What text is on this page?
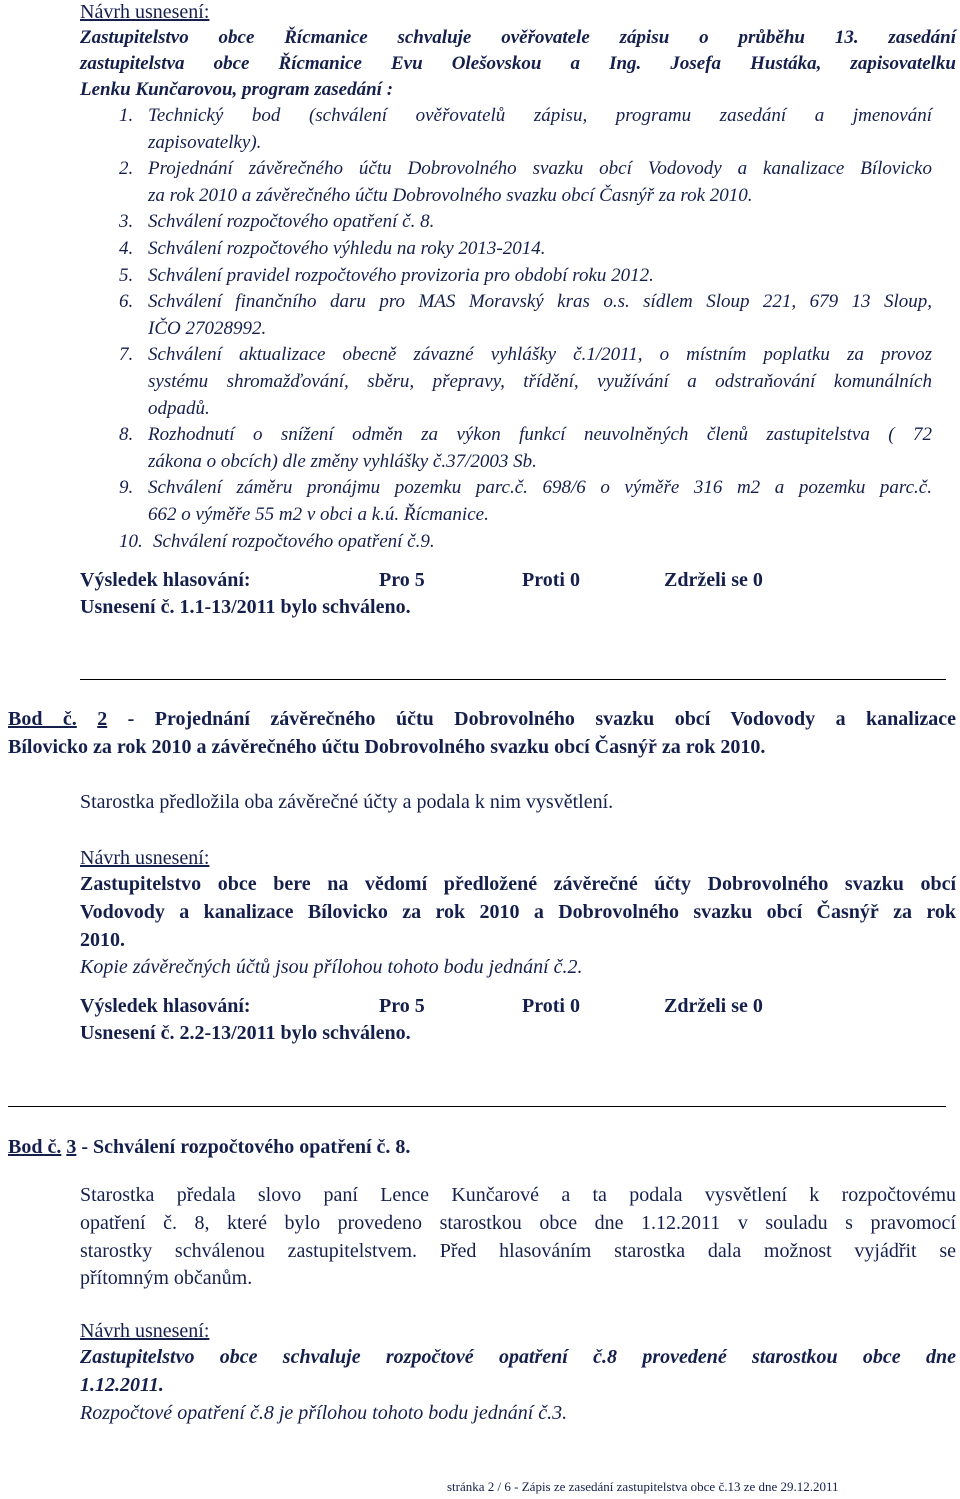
Návrh usnesení:
Zastupitelstvo obce Řícmanice schvaluje ověřovatele zápisu o průběhu 13. zasedání
zastupitelstva obce Řícmanice Evu Olešovskou a Ing. Josefa Hustáka, zapisovatelku
Lenku Kunčarovou, program zasedání :
1. Technický bod (schválení ověřovatelů zápisu, programu zasedání a jmenování
zapisovatelky).
2. Projednání závěrečného účtu Dobrovolného svazku obcí Vodovody a kanalizace Bílovicko
za rok 2010 a závěrečného účtu Dobrovolného svazku obcí Časnýř za rok 2010.
3. Schválení rozpočtového opatření č. 8.
4. Schválení rozpočtového výhledu na roky 2013-2014.
5. Schválení pravidel rozpočtového provizoria pro období roku 2012.
6. Schválení finančního daru pro MAS Moravský kras o.s. sídlem Sloup 221, 679 13 Sloup,
IČO 27028992.
7. Schválení aktualizace obecně závazné vyhlášky č.1/2011, o místním poplatku za provoz
systému shromažďování, sběru, přepravy, třídění, využívání a odstraňování komunálních
odpadů.
8. Rozhodnutí o snížení odměn za výkon funkcí neuvolněných členů zastupitelstva ( 72
zákona o obcích) dle změny vyhlášky č.37/2003 Sb.
9. Schválení záměru pronájmu pozemku parc.č. 698/6 o výměře 316 m2 a pozemku parc.č.
662 o výměře 55 m2 v obci a k.ú. Řícmanice.
10. Schválení rozpočtového opatření č.9.
Výsledek hlasování:	Pro 5	Proti 0	Zdrželi se 0
Usnesení č. 1.1-13/2011 bylo schváleno.
Bod č. 2 - Projednání závěrečného účtu Dobrovolného svazku obcí Vodovody a kanalizace
Bílovicko za rok 2010 a závěrečného účtu Dobrovolného svazku obcí Časnýř za rok 2010.
Starostka předložila oba závěrečné účty a podala k nim vysvětlení.
Návrh usnesení:
Zastupitelstvo obce bere na vědomí předložené závěrečné účty Dobrovolného svazku obcí
Vodovody a kanalizace Bílovicko za rok 2010 a Dobrovolného svazku obcí Časnýř za rok
2010.
Kopie závěrečných účtů jsou přílohou tohoto bodu jednání č.2.
Výsledek hlasování:	Pro 5	Proti 0	Zdrželi se 0
Usnesení č. 2.2-13/2011 bylo schváleno.
Bod č. 3 - Schválení rozpočtového opatření č. 8.
Starostka předala slovo paní Lence Kunčarové a ta podala vysvětlení k rozpočtovému
opatření č. 8, které bylo provedeno starostkou obce dne 1.12.2011 v souladu s pravomocí
starostky schválenou zastupitelstvem. Před hlasováním starostka dala možnost vyjádřit se
přítomným občanům.
Návrh usnesení:
Zastupitelstvo obce schvaluje rozpočtové opatření č.8 provedené starostkou obce dne
1.12.2011.
Rozpočtové opatření č.8 je přílohou tohoto bodu jednání č.3.
stránka 2 / 6 - Zápis ze zasedání zastupitelstva obce č.13 ze dne 29.12.2011
